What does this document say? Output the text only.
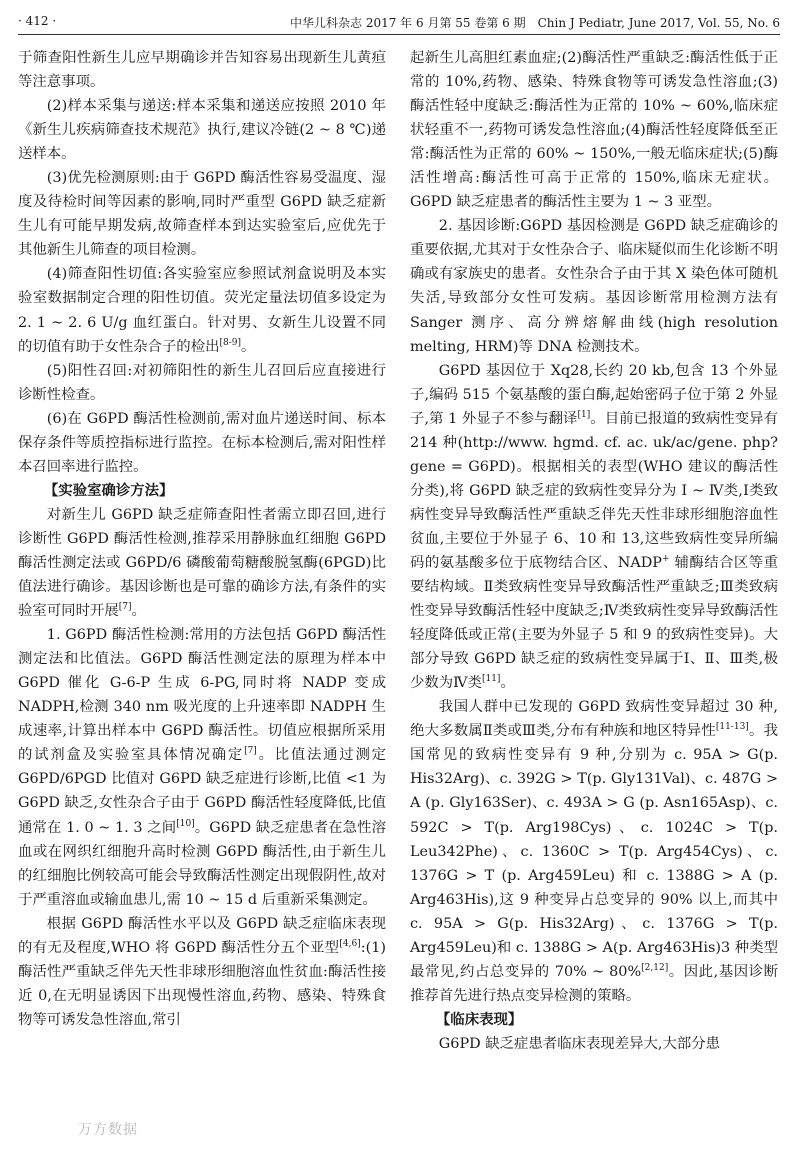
· 412 ·	中华儿科杂志 2017 年 6 月第 55 卷第 6 期　Chin J Pediatr, June 2017, Vol. 55, No. 6

于筛查阳性新生儿应早期确诊并告知容易出现新生儿黄疸等注意事项。

(2)样本采集与递送:样本采集和递送应按照 2010 年《新生儿疾病筛查技术规范》执行,建议冷链(2 ~ 8 ℃)递送样本。

(3)优先检测原则:由于 G6PD 酶活性容易受温度、湿度及待检时间等因素的影响,同时严重型 G6PD 缺乏症新生儿有可能早期发病,故筛查样本到达实验室后,应优先于其他新生儿筛查的项目检测。

(4)筛查阳性切值:各实验室应参照试剂盒说明及本实验室数据制定合理的阳性切值。荧光定量法切值多设定为 2. 1 ~ 2. 6 U/g 血红蛋白。针对男、女新生儿设置不同的切值有助于女性杂合子的检出[8-9]。

(5)阳性召回:对初筛阳性的新生儿召回后应直接进行诊断性检查。

(6)在 G6PD 酶活性检测前,需对血片递送时间、标本保存条件等质控指标进行监控。在标本检测后,需对阳性样本召回率进行监控。

【实验室确诊方法】

对新生儿 G6PD 缺乏症筛查阳性者需立即召回,进行诊断性 G6PD 酶活性检测,推荐采用静脉血红细胞 G6PD 酶活性测定法或 G6PD/6 磷酸葡萄糖酸脱氢酶(6PGD)比值法进行确诊。基因诊断也是可靠的确诊方法,有条件的实验室可同时开展[7]。

1. G6PD 酶活性检测:常用的方法包括 G6PD 酶活性测定法和比值法。G6PD 酶活性测定法的原理为样本中 G6PD 催化 G-6-P 生成 6-PG,同时将 NADP 变成 NADPH,检测 340 nm 吸光度的上升速率即 NADPH 生成速率,计算出样本中 G6PD 酶活性。切值应根据所采用的试剂盒及实验室具体情况确定[7]。比值法通过测定 G6PD/6PGD 比值对 G6PD 缺乏症进行诊断,比值 <1 为 G6PD 缺乏,女性杂合子由于 G6PD 酶活性轻度降低,比值通常在 1. 0 ~ 1. 3 之间[10]。G6PD 缺乏症患者在急性溶血或在网织红细胞升高时检测 G6PD 酶活性,由于新生儿的红细胞比例较高可能会导致酶活性测定出现假阴性,故对于严重溶血或输血患儿,需 10 ~ 15 d 后重新采集测定。

根据 G6PD 酶活性水平以及 G6PD 缺乏症临床表现的有无及程度,WHO 将 G6PD 酶活性分五个亚型[4,6]:(1)酶活性严重缺乏伴先天性非球形细胞溶血性贫血:酶活性接近 0,在无明显诱因下出现慢性溶血,药物、感染、特殊食物等可诱发急性溶血,常引

起新生儿高胆红素血症;(2)酶活性严重缺乏:酶活性低于正常的 10%,药物、感染、特殊食物等可诱发急性溶血;(3)酶活性轻中度缺乏:酶活性为正常的 10% ~ 60%,临床症状轻重不一,药物可诱发急性溶血;(4)酶活性轻度降低至正常:酶活性为正常的 60% ~ 150%,一般无临床症状;(5)酶活性增高:酶活性可高于正常的 150%,临床无症状。G6PD 缺乏症患者的酶活性主要为 1 ~ 3 亚型。

2. 基因诊断:G6PD 基因检测是 G6PD 缺乏症确诊的重要依据,尤其对于女性杂合子、临床疑似而生化诊断不明确或有家族史的患者。女性杂合子由于其 X 染色体可随机失活,导致部分女性可发病。基因诊断常用检测方法有 Sanger 测序、高分辨熔解曲线(high resolution melting, HRM)等 DNA 检测技术。

G6PD 基因位于 Xq28,长约 20 kb,包含 13 个外显子,编码 515 个氨基酸的蛋白酶,起始密码子位于第 2 外显子,第 1 外显子不参与翻译[1]。目前已报道的致病性变异有 214 种(http://www. hgmd. cf. ac. uk/ac/gene. php? gene = G6PD)。根据相关的表型(WHO 建议的酶活性分类),将 G6PD 缺乏症的致病性变异分为 Ⅰ ~ Ⅳ类,Ⅰ类致病性变异导致酶活性严重缺乏伴先天性非球形细胞溶血性贫血,主要位于外显子 6、10 和 13,这些致病性变异所编码的氨基酸多位于底物结合区、NADP+ 辅酶结合区等重要结构域。Ⅱ类致病性变异导致酶活性严重缺乏;Ⅲ类致病性变异导致酶活性轻中度缺乏;Ⅳ类致病性变异导致酶活性轻度降低或正常(主要为外显子 5 和 9 的致病性变异)。大部分导致 G6PD 缺乏症的致病性变异属于Ⅰ、Ⅱ、Ⅲ类,极少数为Ⅳ类[11]。

我国人群中已发现的 G6PD 致病性变异超过 30 种,绝大多数属Ⅱ类或Ⅲ类,分布有种族和地区特异性[11-13]。我国常见的致病性变异有 9 种,分别为 c. 95A > G(p. His32Arg)、c. 392G > T(p. Gly131Val)、c. 487G > A (p. Gly163Ser)、c. 493A > G (p. Asn165Asp)、c. 592C > T(p. Arg198Cys)、c. 1024C > T(p. Leu342Phe)、c. 1360C > T(p. Arg454Cys)、c. 1376G > T (p. Arg459Leu) 和 c. 1388G > A (p. Arg463His),这 9 种变异占总变异的 90% 以上,而其中 c. 95A > G(p. His32Arg)、c. 1376G > T(p. Arg459Leu)和 c. 1388G > A(p. Arg463His)3 种类型最常见,约占总变异的 70% ~ 80%[2,12]。因此,基因诊断推荐首先进行热点变异检测的策略。

【临床表现】

G6PD 缺乏症患者临床表现差异大,大部分患

万方数据
